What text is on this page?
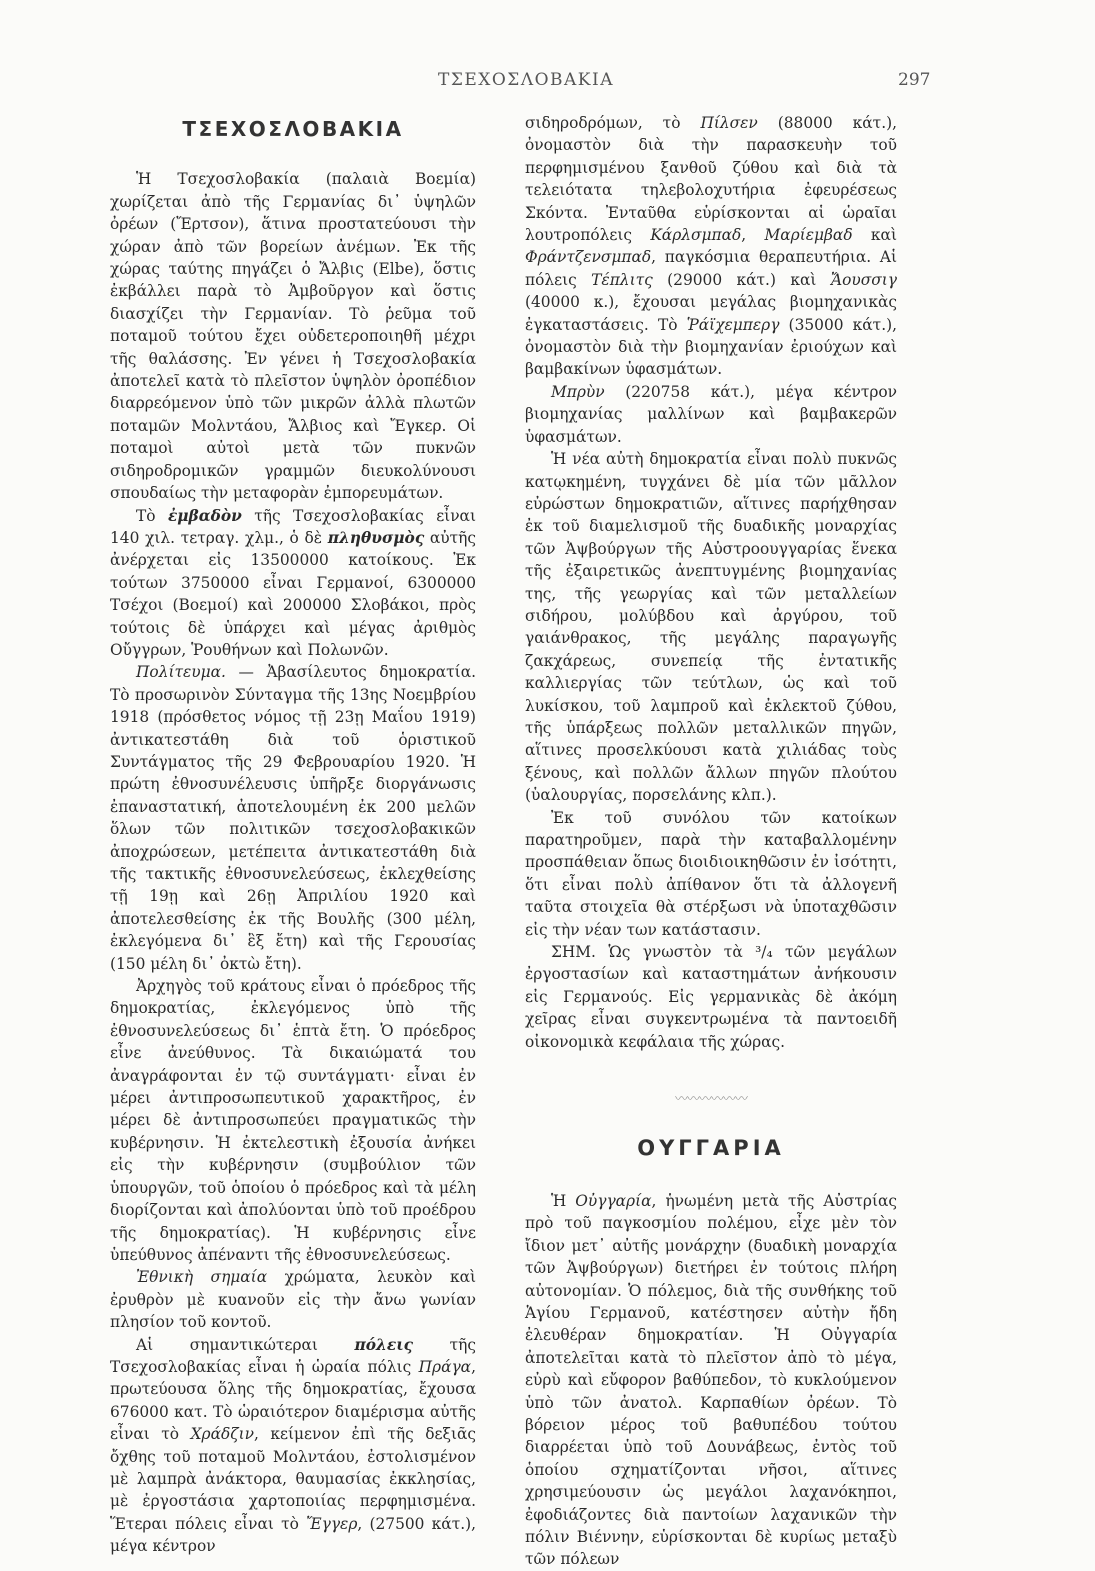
ΤΣΕΧΟΣΛΟΒΑΚΙΑ	297
ΤΣΕΧΟΣΛΟΒΑΚΙΑ

Ἡ Τσεχοσλοβακία (παλαιὰ Βοεμία) χωρίζεται ἀπὸ τῆς Γερμανίας δι᾽ ὑψηλῶν ὀρέων (Ἔρτσον), ἅτινα προστατεύουσι τὴν χώραν ἀπὸ τῶν βορείων ἀνέμων. Ἐκ τῆς χώρας ταύτης πηγάζει ὁ Ἄλβις (Elbe), ὅστις ἐκβάλλει παρὰ τὸ Ἀμβοῦργον καὶ ὅστις διασχίζει τὴν Γερμανίαν. Τὸ ῥεῦμα τοῦ ποταμοῦ τούτου ἔχει οὐδετεροποιηθῆ μέχρι τῆς θαλάσσης. Ἐν γένει ἡ Τσεχοσλοβακία ἀποτελεῖ κατὰ τὸ πλεῖστον ὑψηλὸν ὀροπέδιον διαρρεόμενον ὑπὸ τῶν μικρῶν ἀλλὰ πλωτῶν ποταμῶν Μολντάου, Ἄλβιος καὶ Ἔγκερ. Οἱ ποταμοὶ αὐτοὶ μετὰ τῶν πυκνῶν σιδηροδρομικῶν γραμμῶν διευκολύνουσι σπουδαίως τὴν μεταφορὰν ἐμπορευμάτων.

Τὸ ἐμβαδὸν τῆς Τσεχοσλοβακίας εἶναι 140 χιλ. τετραγ. χλμ., ὁ δὲ πληθυσμὸς αὐτῆς ἀνέρχεται εἰς 13500000 κατοίκους. Ἐκ τούτων 3750000 εἶναι Γερμανοί, 6300000 Τσέχοι (Βοεμοί) καὶ 200000 Σλοβάκοι, πρὸς τούτοις δὲ ὑπάρχει καὶ μέγας ἀριθμὸς Οὔγγρων, Ῥουθήνων καὶ Πολωνῶν.

Πολίτευμα. — Ἀβασίλευτος δημοκρατία. Τὸ προσωρινὸν Σύνταγμα τῆς 13ης Νοεμβρίου 1918 (πρόσθετος νόμος τῇ 23ῃ Μαΐου 1919) ἀντικατεστάθη διὰ τοῦ ὁριστικοῦ Συντάγματος τῆς 29 Φεβρουαρίου 1920. Ἡ πρώτη ἐθνοσυνέλευσις ὑπῆρξε διοργάνωσις ἐπαναστατική, ἀποτελουμένη ἐκ 200 μελῶν ὅλων τῶν πολιτικῶν τσεχοσλοβακικῶν ἀποχρώσεων, μετέπειτα ἀντικατεστάθη διὰ τῆς τακτικῆς ἐθνοσυνελεύσεως, ἐκλεχθείσης τῇ 19ῃ καὶ 26ῃ Ἀπριλίου 1920 καὶ ἀποτελεσθείσης ἐκ τῆς Βουλῆς (300 μέλη, ἐκλεγόμενα δι᾽ ἓξ ἔτη) καὶ τῆς Γερουσίας (150 μέλη δι᾽ ὀκτὼ ἔτη).

Ἀρχηγὸς τοῦ κράτους εἶναι ὁ πρόεδρος τῆς δημοκρατίας, ἐκλεγόμενος ὑπὸ τῆς ἐθνοσυνελεύσεως δι᾽ ἑπτὰ ἔτη. Ὁ πρόεδρος εἶνε ἀνεύθυνος. Τὰ δικαιώματά του ἀναγράφονται ἐν τῷ συντάγματι· εἶναι ἐν μέρει ἀντιπροσωπευτικοῦ χαρακτῆρος, ἐν μέρει δὲ ἀντιπροσωπεύει πραγματικῶς τὴν κυβέρνησιν. Ἡ ἐκτελεστικὴ ἐξουσία ἀνήκει εἰς τὴν κυβέρνησιν (συμβούλιον τῶν ὑπουργῶν, τοῦ ὁποίου ὁ πρόεδρος καὶ τὰ μέλη διορίζονται καὶ ἀπολύονται ὑπὸ τοῦ προέδρου τῆς δημοκρατίας). Ἡ κυβέρνησις εἶνε ὑπεύθυνος ἀπέναντι τῆς ἐθνοσυνελεύσεως.

Ἐθνικὴ σημαία χρώματα, λευκὸν καὶ ἐρυθρὸν μὲ κυανοῦν εἰς τὴν ἄνω γωνίαν πλησίον τοῦ κοντοῦ.

Αἱ σημαντικώτεραι πόλεις τῆς Τσεχοσλοβακίας εἶναι ἡ ὡραία πόλις Πράγα, πρωτεύουσα ὅλης τῆς δημοκρατίας, ἔχουσα 676000 κατ. Τὸ ὡραιότερον διαμέρισμα αὐτῆς εἶναι τὸ Χράδζιν, κείμενον ἐπὶ τῆς δεξιᾶς ὄχθης τοῦ ποταμοῦ Μολντάου, ἐστολισμένον μὲ λαμπρὰ ἀνάκτορα, θαυμασίας ἐκκλησίας, μὲ ἐργοστάσια χαρτοποιίας περφημισμένα. Ἕτεραι πόλεις εἶναι τὸ Ἔγγερ, (27500 κάτ.), μέγα κέντρον

σιδηροδρόμων, τὸ Πίλσεν (88000 κάτ.), ὀνομαστὸν διὰ τὴν παρασκευὴν τοῦ περφημισμένου ξανθοῦ ζύθου καὶ διὰ τὰ τελειότατα τηλεβολοχυτήρια ἐφευρέσεως Σκόντα. Ἐνταῦθα εὑρίσκονται αἱ ὡραῖαι λουτροπόλεις Κάρλσμπαδ, Μαρίεμβαδ καὶ Φράντζενσμπαδ, παγκόσμια θεραπευτήρια. Αἱ πόλεις Τέπλιτς (29000 κάτ.) καὶ Ἄουσσιγ (40000 κ.), ἔχουσαι μεγάλας βιομηχανικὰς ἐγκαταστάσεις. Τὸ Ῥάϊχεμπεργ (35000 κάτ.), ὀνομαστὸν διὰ τὴν βιομηχανίαν ἐριούχων καὶ βαμβακίνων ὑφασμάτων.

Μπρὺν (220758 κάτ.), μέγα κέντρον βιομηχανίας μαλλίνων καὶ βαμβακερῶν ὑφασμάτων.

Ἡ νέα αὐτὴ δημοκρατία εἶναι πολὺ πυκνῶς κατῳκημένη, τυγχάνει δὲ μία τῶν μᾶλλον εὐρώστων δημοκρατιῶν, αἵτινες παρήχθησαν ἐκ τοῦ διαμελισμοῦ τῆς δυαδικῆς μοναρχίας τῶν Ἀψβούργων τῆς Αὐστροουγγαρίας ἕνεκα τῆς ἐξαιρετικῶς ἀνεπτυγμένης βιομηχανίας της, τῆς γεωργίας καὶ τῶν μεταλλείων σιδήρου, μολύβδου καὶ ἀργύρου, τοῦ γαιάνθρακος, τῆς μεγάλης παραγωγῆς ζακχάρεως, συνεπείᾳ τῆς ἐντατικῆς καλλιεργίας τῶν τεύτλων, ὡς καὶ τοῦ λυκίσκου, τοῦ λαμπροῦ καὶ ἐκλεκτοῦ ζύθου, τῆς ὑπάρξεως πολλῶν μεταλλικῶν πηγῶν, αἵτινες προσελκύουσι κατὰ χιλιάδας τοὺς ξένους, καὶ πολλῶν ἄλλων πηγῶν πλούτου (ὑαλουργίας, πορσελάνης κλπ.).

Ἐκ τοῦ συνόλου τῶν κατοίκων παρατηροῦμεν, παρὰ τὴν καταβαλλομένην προσπάθειαν ὅπως διοιδιοικηθῶσιν ἐν ἰσότητι, ὅτι εἶναι πολὺ ἀπίθανον ὅτι τὰ ἀλλογενῆ ταῦτα στοιχεῖα θὰ στέρξωσι νὰ ὑποταχθῶσιν εἰς τὴν νέαν των κατάστασιν.

ΣΗΜ. Ὡς γνωστὸν τὰ ³/₄ τῶν μεγάλων ἐργοστασίων καὶ καταστημάτων ἀνήκουσιν εἰς Γερμανούς. Εἰς γερμανικὰς δὲ ἀκόμη χεῖρας εἶναι συγκεντρωμένα τὰ παντοειδῆ οἰκονομικὰ κεφάλαια τῆς χώρας.

〰〰〰〰〰〰
ΟΥΓΓΑΡΙΑ

Ἡ Οὐγγαρία, ἡνωμένη μετὰ τῆς Αὐστρίας πρὸ τοῦ παγκοσμίου πολέμου, εἶχε μὲν τὸν ἴδιον μετ᾽ αὐτῆς μονάρχην (δυαδικὴ μοναρχία τῶν Ἀψβούργων) διετήρει ἐν τούτοις πλήρη αὐτονομίαν. Ὁ πόλεμος, διὰ τῆς συνθήκης τοῦ Ἁγίου Γερμανοῦ, κατέστησεν αὐτὴν ἤδη ἐλευθέραν δημοκρατίαν. Ἡ Οὐγγαρία ἀποτελεῖται κατὰ τὸ πλεῖστον ἀπὸ τὸ μέγα, εὐρὺ καὶ εὔφορον βαθύπεδον, τὸ κυκλούμενον ὑπὸ τῶν ἀνατολ. Καρπαθίων ὀρέων. Τὸ βόρειον μέρος τοῦ βαθυπέδου τούτου διαρρέεται ὑπὸ τοῦ Δουνάβεως, ἐντὸς τοῦ ὁποίου σχηματίζονται νῆσοι, αἵτινες χρησιμεύουσιν ὡς μεγάλοι λαχανόκηποι, ἐφοδιάζοντες διὰ παντοίων λαχανικῶν τὴν πόλιν Βιέννην, εὑρίσκονται δὲ κυρίως μεταξὺ τῶν πόλεων
